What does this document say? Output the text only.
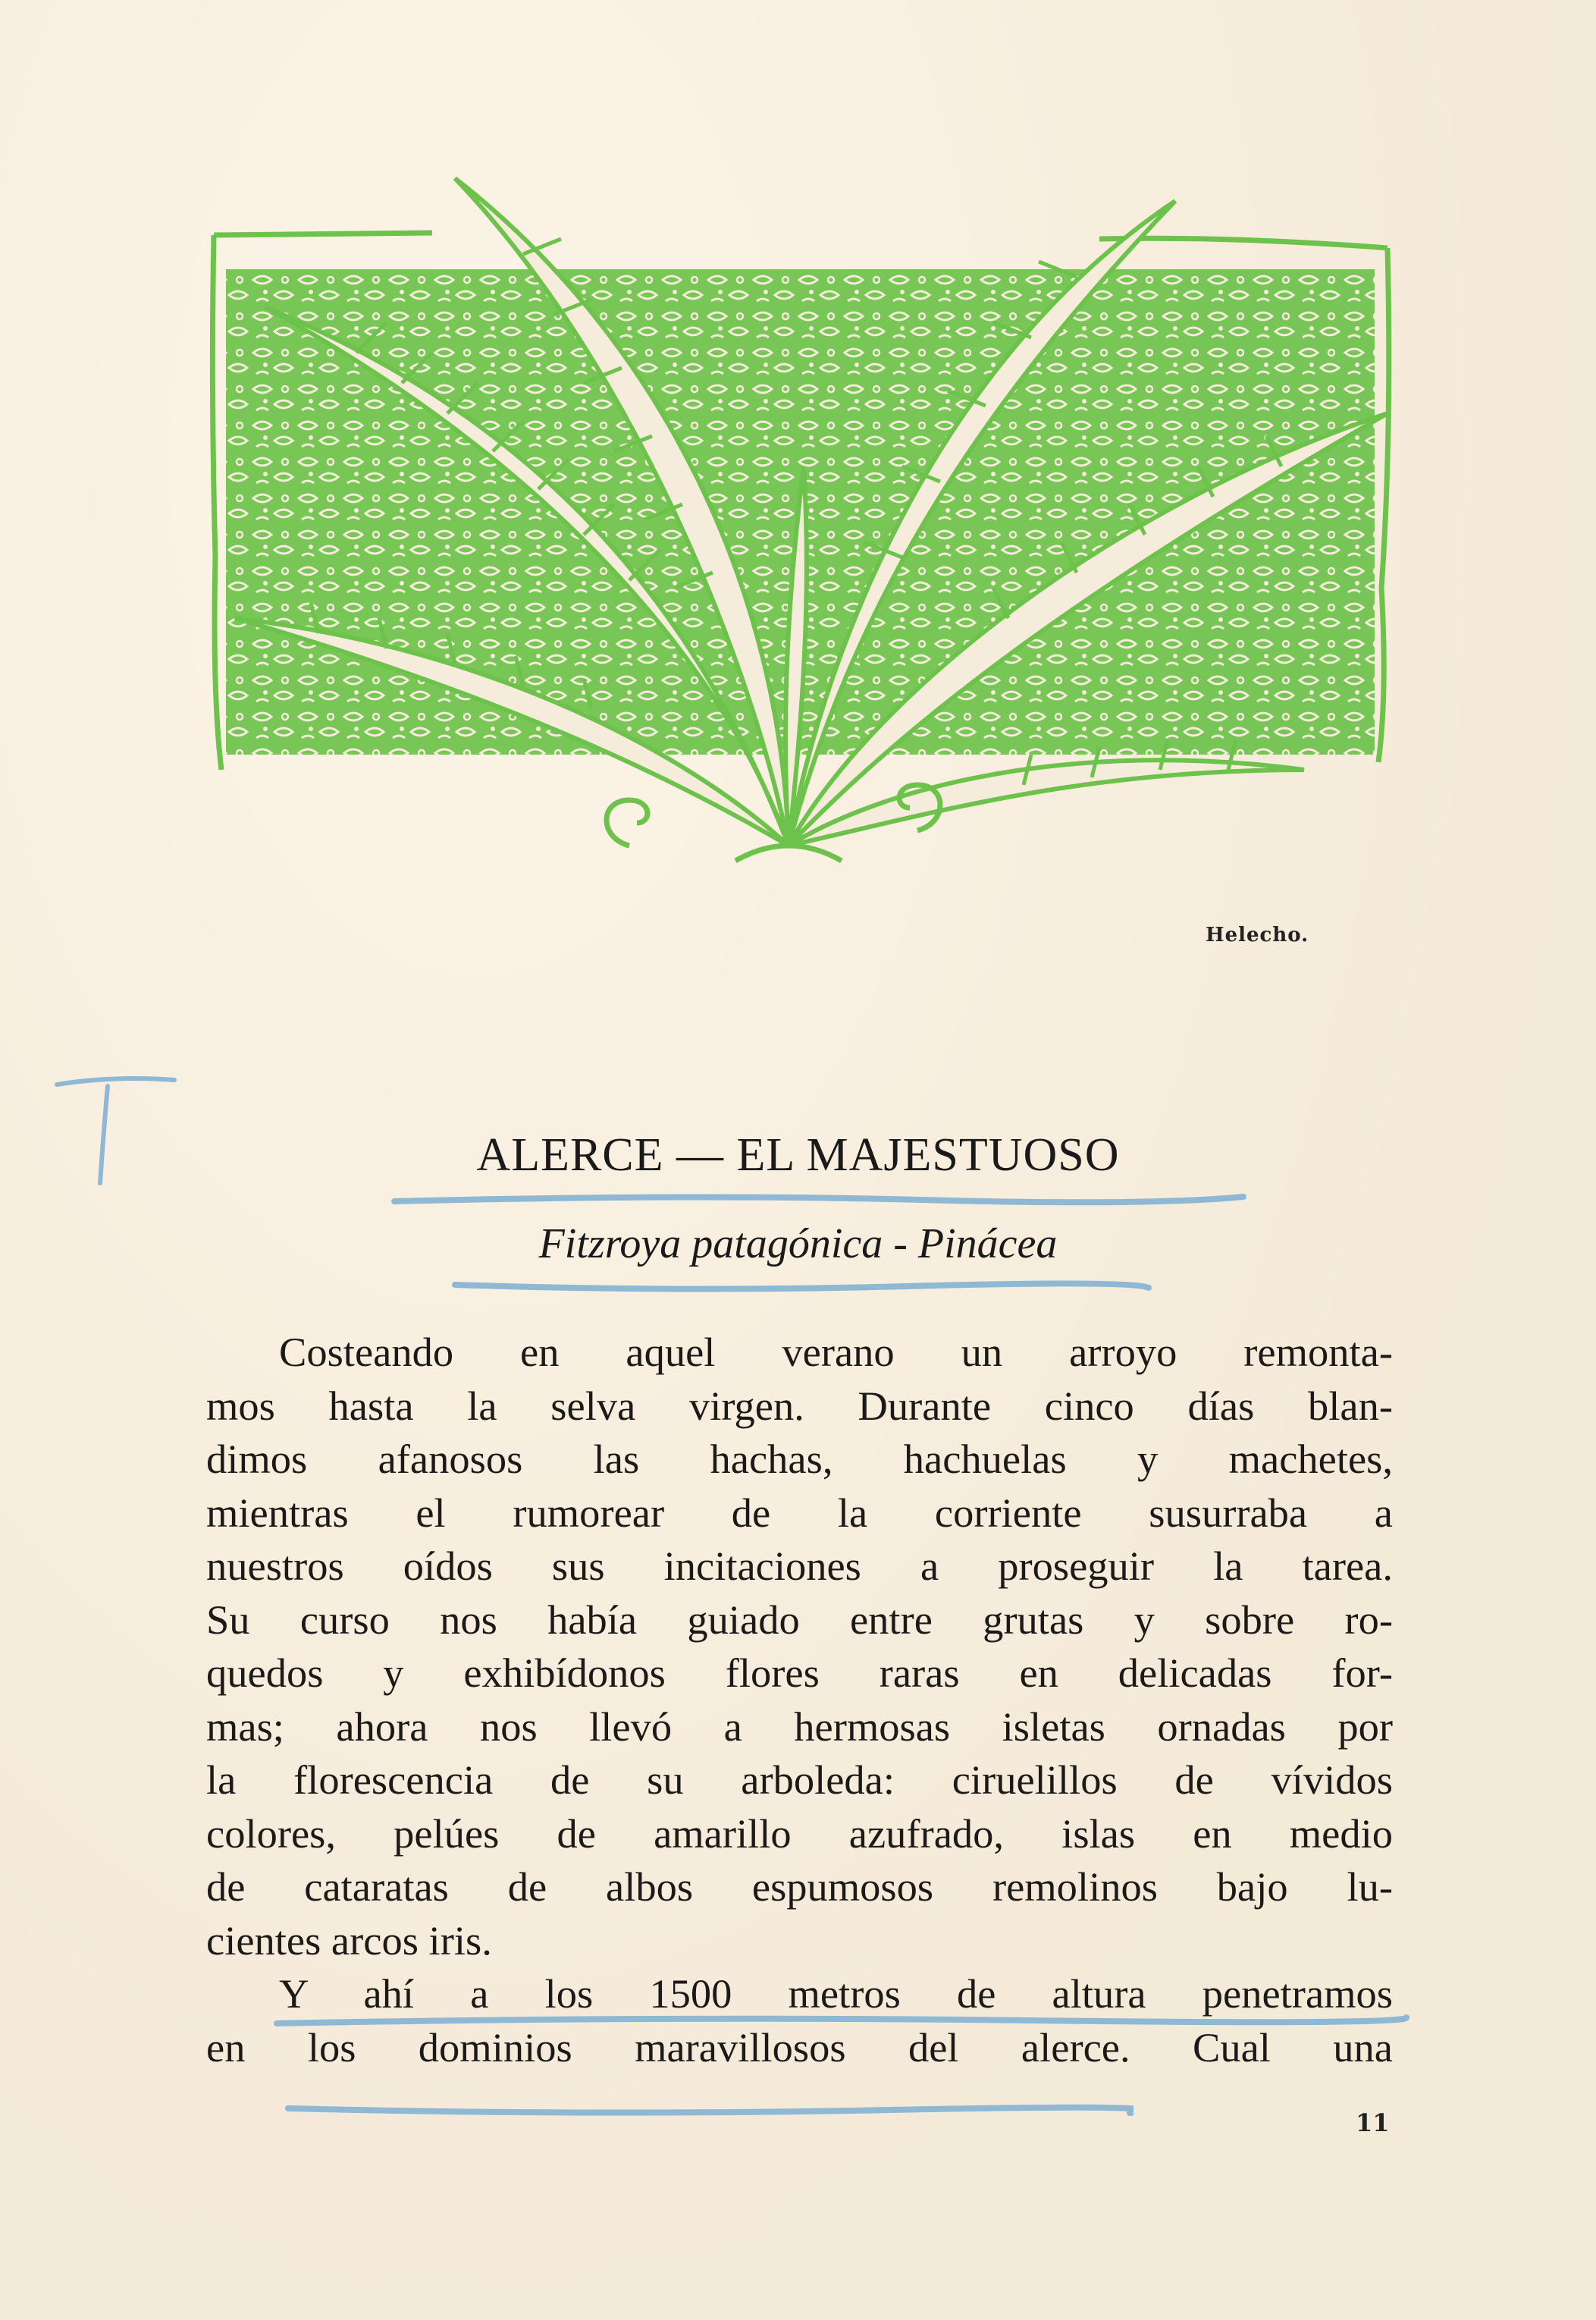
Helecho.
ALERCE — EL MAJESTUOSO
Fitzroya patagónica - Pinácea
Costeando en aquel verano un arroyo remonta-
mos hasta la selva virgen. Durante cinco días blan-
dimos afanosos las hachas, hachuelas y machetes,
mientras el rumorear de la corriente susurraba a
nuestros oídos sus incitaciones a proseguir la tarea.
Su curso nos había guiado entre grutas y sobre ro-
quedos y exhibídonos flores raras en delicadas for-
mas; ahora nos llevó a hermosas isletas ornadas por
la florescencia de su arboleda: ciruelillos de vívidos
colores, pelúes de amarillo azufrado, islas en medio
de cataratas de albos espumosos remolinos bajo lu-
cientes arcos iris.
Y ahí a los 1500 metros de altura penetramos
en los dominios maravillosos del alerce. Cual una
11
